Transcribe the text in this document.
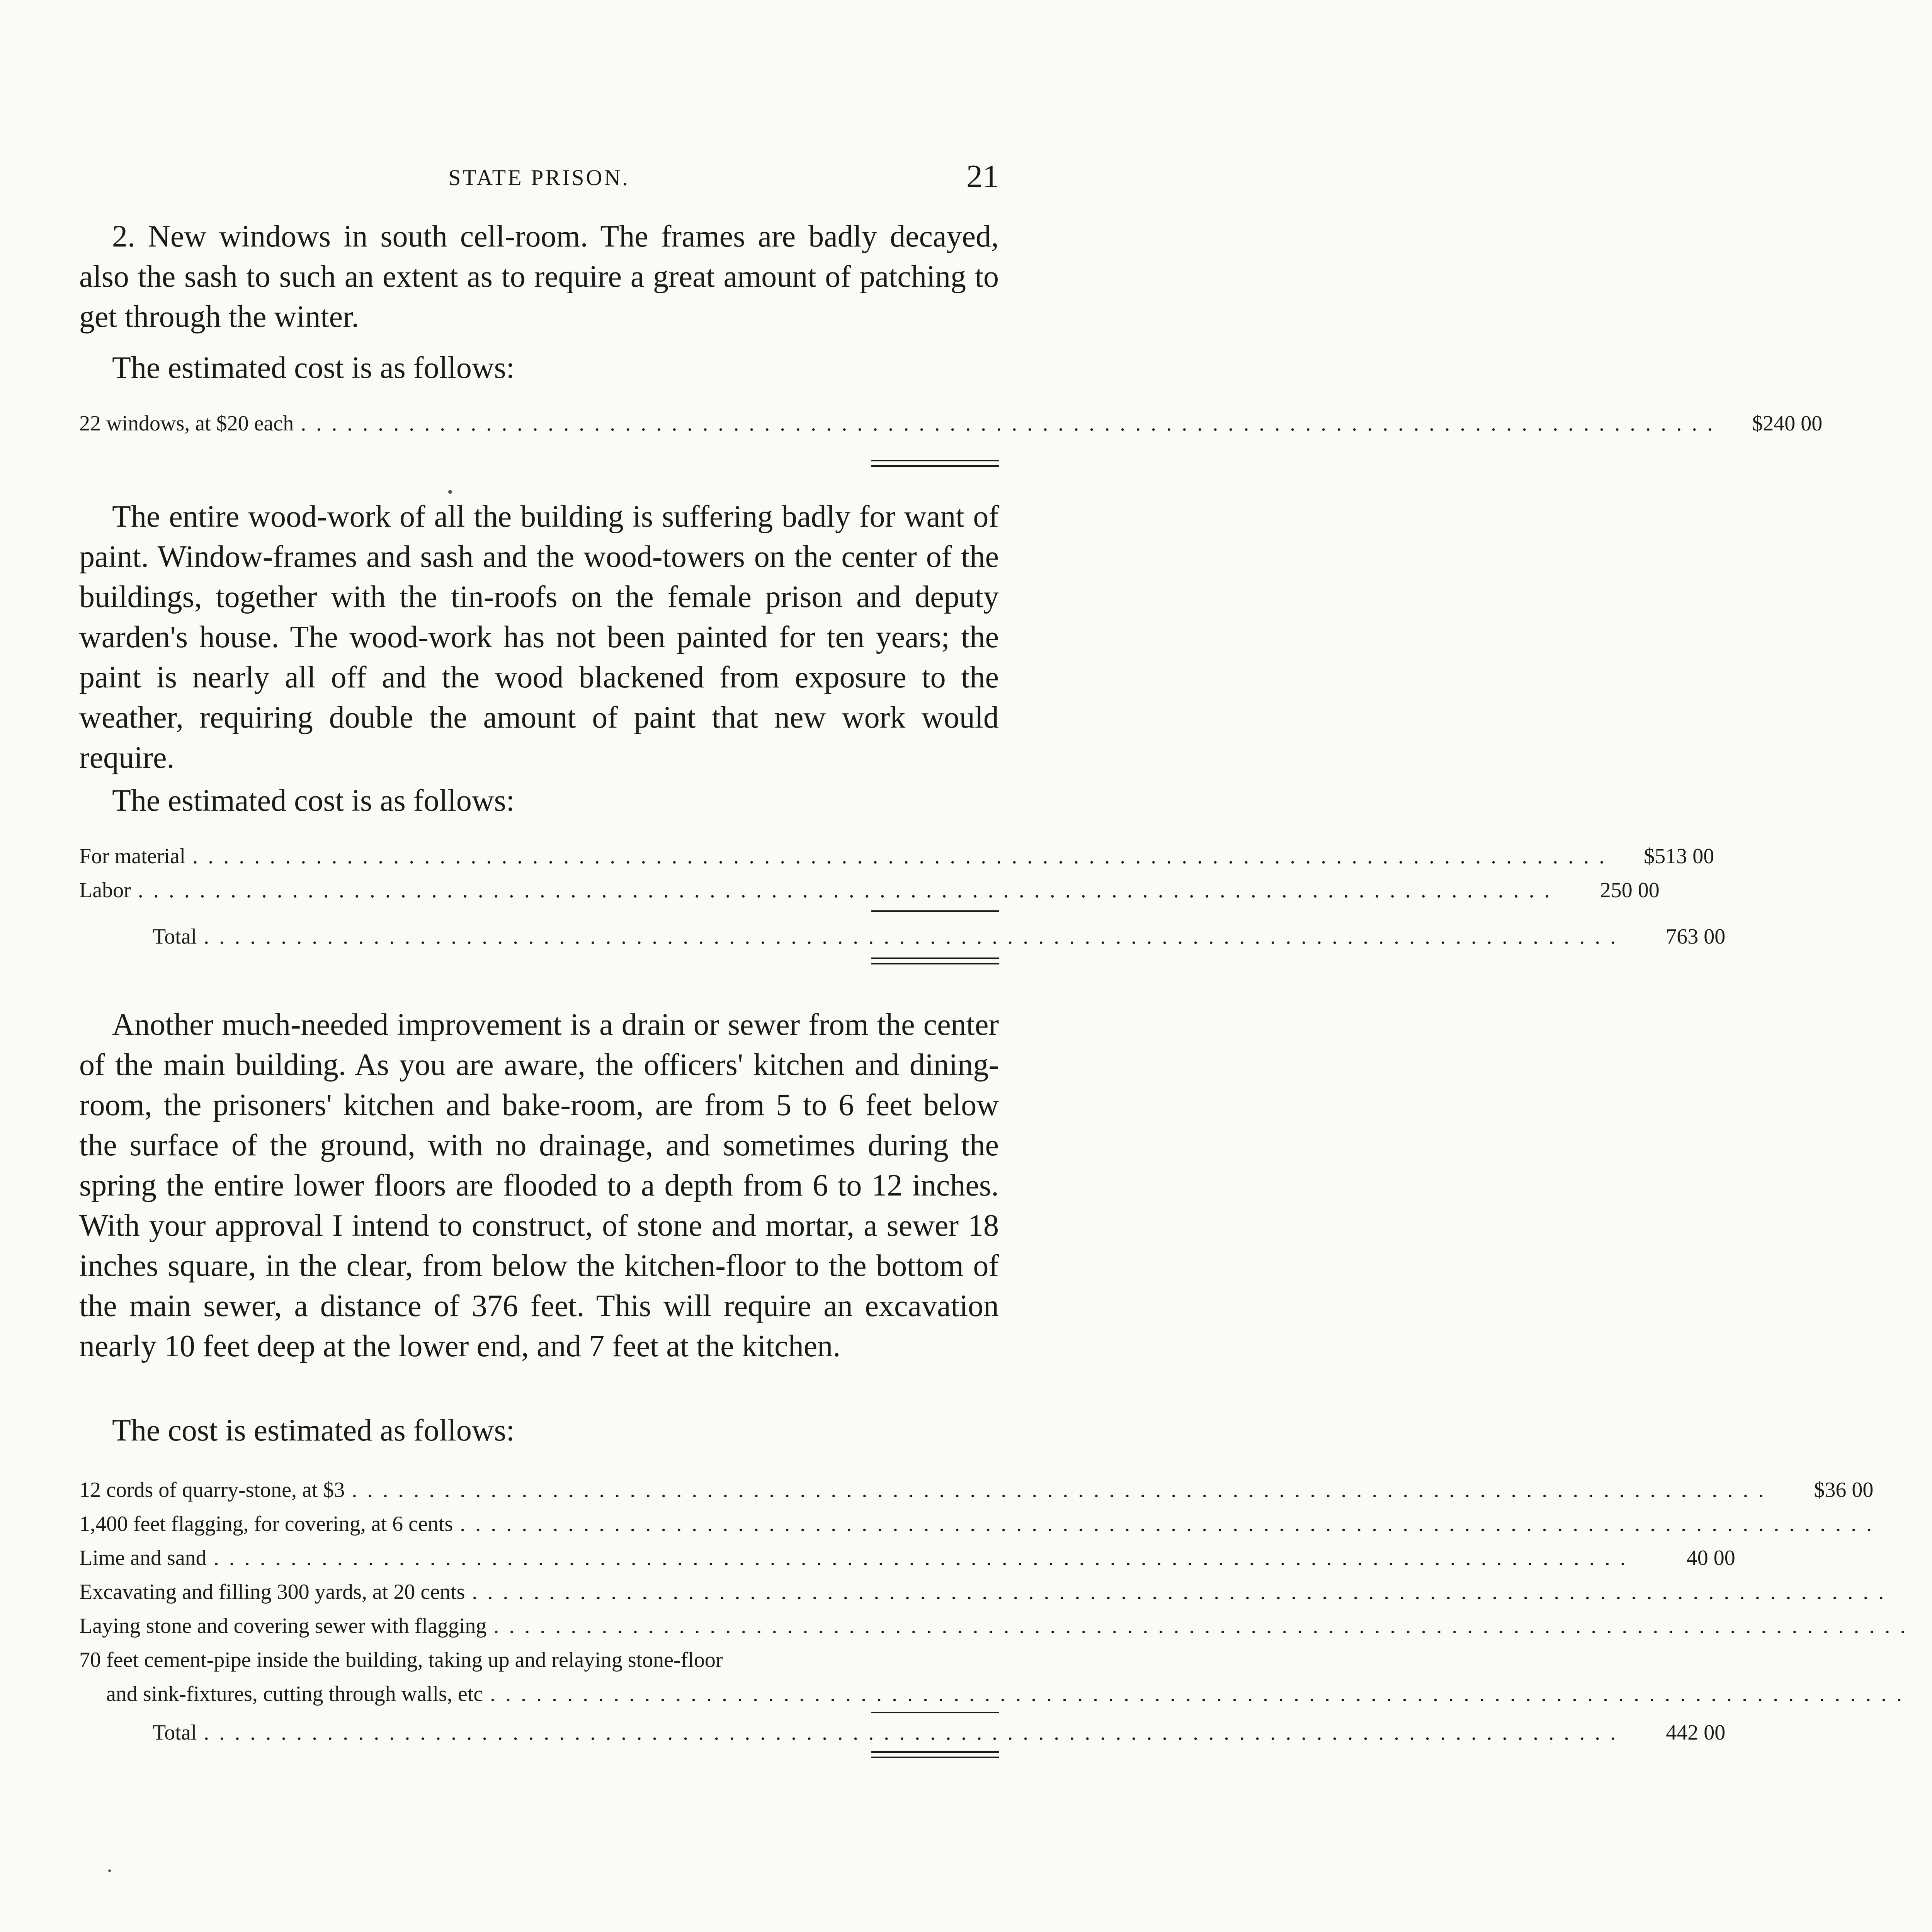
STATE PRISON.	21

2. New windows in south cell-room. The frames are badly decayed, also the sash to such an extent as to require a great amount of patching to get through the winter.

The estimated cost is as follows:

22 windows, at $20 each . . . . . . . . . . . . . . . . . . . . . . . . . . . . . . . . . . . . . . . . . . . . . . . . . . . . . . . . . . . . . . . . . . . . . . . . . . . . . . . . . . . . . . . . . . . .	$240 00

The entire wood-work of all the building is suffering badly for want of paint. Window-frames and sash and the wood-towers on the center of the buildings, together with the tin-roofs on the female prison and deputy warden's house. The wood-work has not been painted for ten years; the paint is nearly all off and the wood blackened from exposure to the weather, requiring double the amount of paint that new work would require.

The estimated cost is as follows:

For material . . . . . . . . . . . . . . . . . . . . . . . . . . . . . . . . . . . . . . . . . . . . . . . . . . . . . . . . . . . . . . . . . . . . . . . . . . . . . . . . . . . . . . . . . . . .	$513 00
Labor . . . . . . . . . . . . . . . . . . . . . . . . . . . . . . . . . . . . . . . . . . . . . . . . . . . . . . . . . . . . . . . . . . . . . . . . . . . . . . . . . . . . . . . . . . . .	250 00
Total . . . . . . . . . . . . . . . . . . . . . . . . . . . . . . . . . . . . . . . . . . . . . . . . . . . . . . . . . . . . . . . . . . . . . . . . . . . . . . . . . . . . . . . . . . . .	763 00

Another much-needed improvement is a drain or sewer from the center of the main building. As you are aware, the officers' kitchen and dining-room, the prisoners' kitchen and bake-room, are from 5 to 6 feet below the surface of the ground, with no drainage, and sometimes during the spring the entire lower floors are flooded to a depth from 6 to 12 inches. With your approval I intend to construct, of stone and mortar, a sewer 18 inches square, in the clear, from below the kitchen-floor to the bottom of the main sewer, a distance of 376 feet. This will require an excavation nearly 10 feet deep at the lower end, and 7 feet at the kitchen.

The cost is estimated as follows:

12 cords of quarry-stone, at $3 . . . . . . . . . . . . . . . . . . . . . . . . . . . . . . . . . . . . . . . . . . . . . . . . . . . . . . . . . . . . . . . . . . . . . . . . . . . . . . . . . . . . . . . . . . . .	$36 00
1,400 feet flagging, for covering, at 6 cents . . . . . . . . . . . . . . . . . . . . . . . . . . . . . . . . . . . . . . . . . . . . . . . . . . . . . . . . . . . . . . . . . . . . . . . . . . . . . . . . . . . . . . . . . . . .
Lime and sand . . . . . . . . . . . . . . . . . . . . . . . . . . . . . . . . . . . . . . . . . . . . . . . . . . . . . . . . . . . . . . . . . . . . . . . . . . . . . . . . . . . . . . . . . . . .	40 00
Excavating and filling 300 yards, at 20 cents . . . . . . . . . . . . . . . . . . . . . . . . . . . . . . . . . . . . . . . . . . . . . . . . . . . . . . . . . . . . . . . . . . . . . . . . . . . . . . . . . . . . . . . . . . . .
Laying stone and covering sewer with flagging . . . . . . . . . . . . . . . . . . . . . . . . . . . . . . . . . . . . . . . . . . . . . . . . . . . . . . . . . . . . . . . . . . . . . . . . . . . . . . . . . . . . . . . . . . . .
70 feet cement-pipe inside the building, taking up and relaying stone-floor
and sink-fixtures, cutting through walls, etc . . . . . . . . . . . . . . . . . . . . . . . . . . . . . . . . . . . . . . . . . . . . . . . . . . . . . . . . . . . . . . . . . . . . . . . . . . . . . . . . . . . . . . . . . . . .
Total . . . . . . . . . . . . . . . . . . . . . . . . . . . . . . . . . . . . . . . . . . . . . . . . . . . . . . . . . . . . . . . . . . . . . . . . . . . . . . . . . . . . . . . . . . . .	442 00
